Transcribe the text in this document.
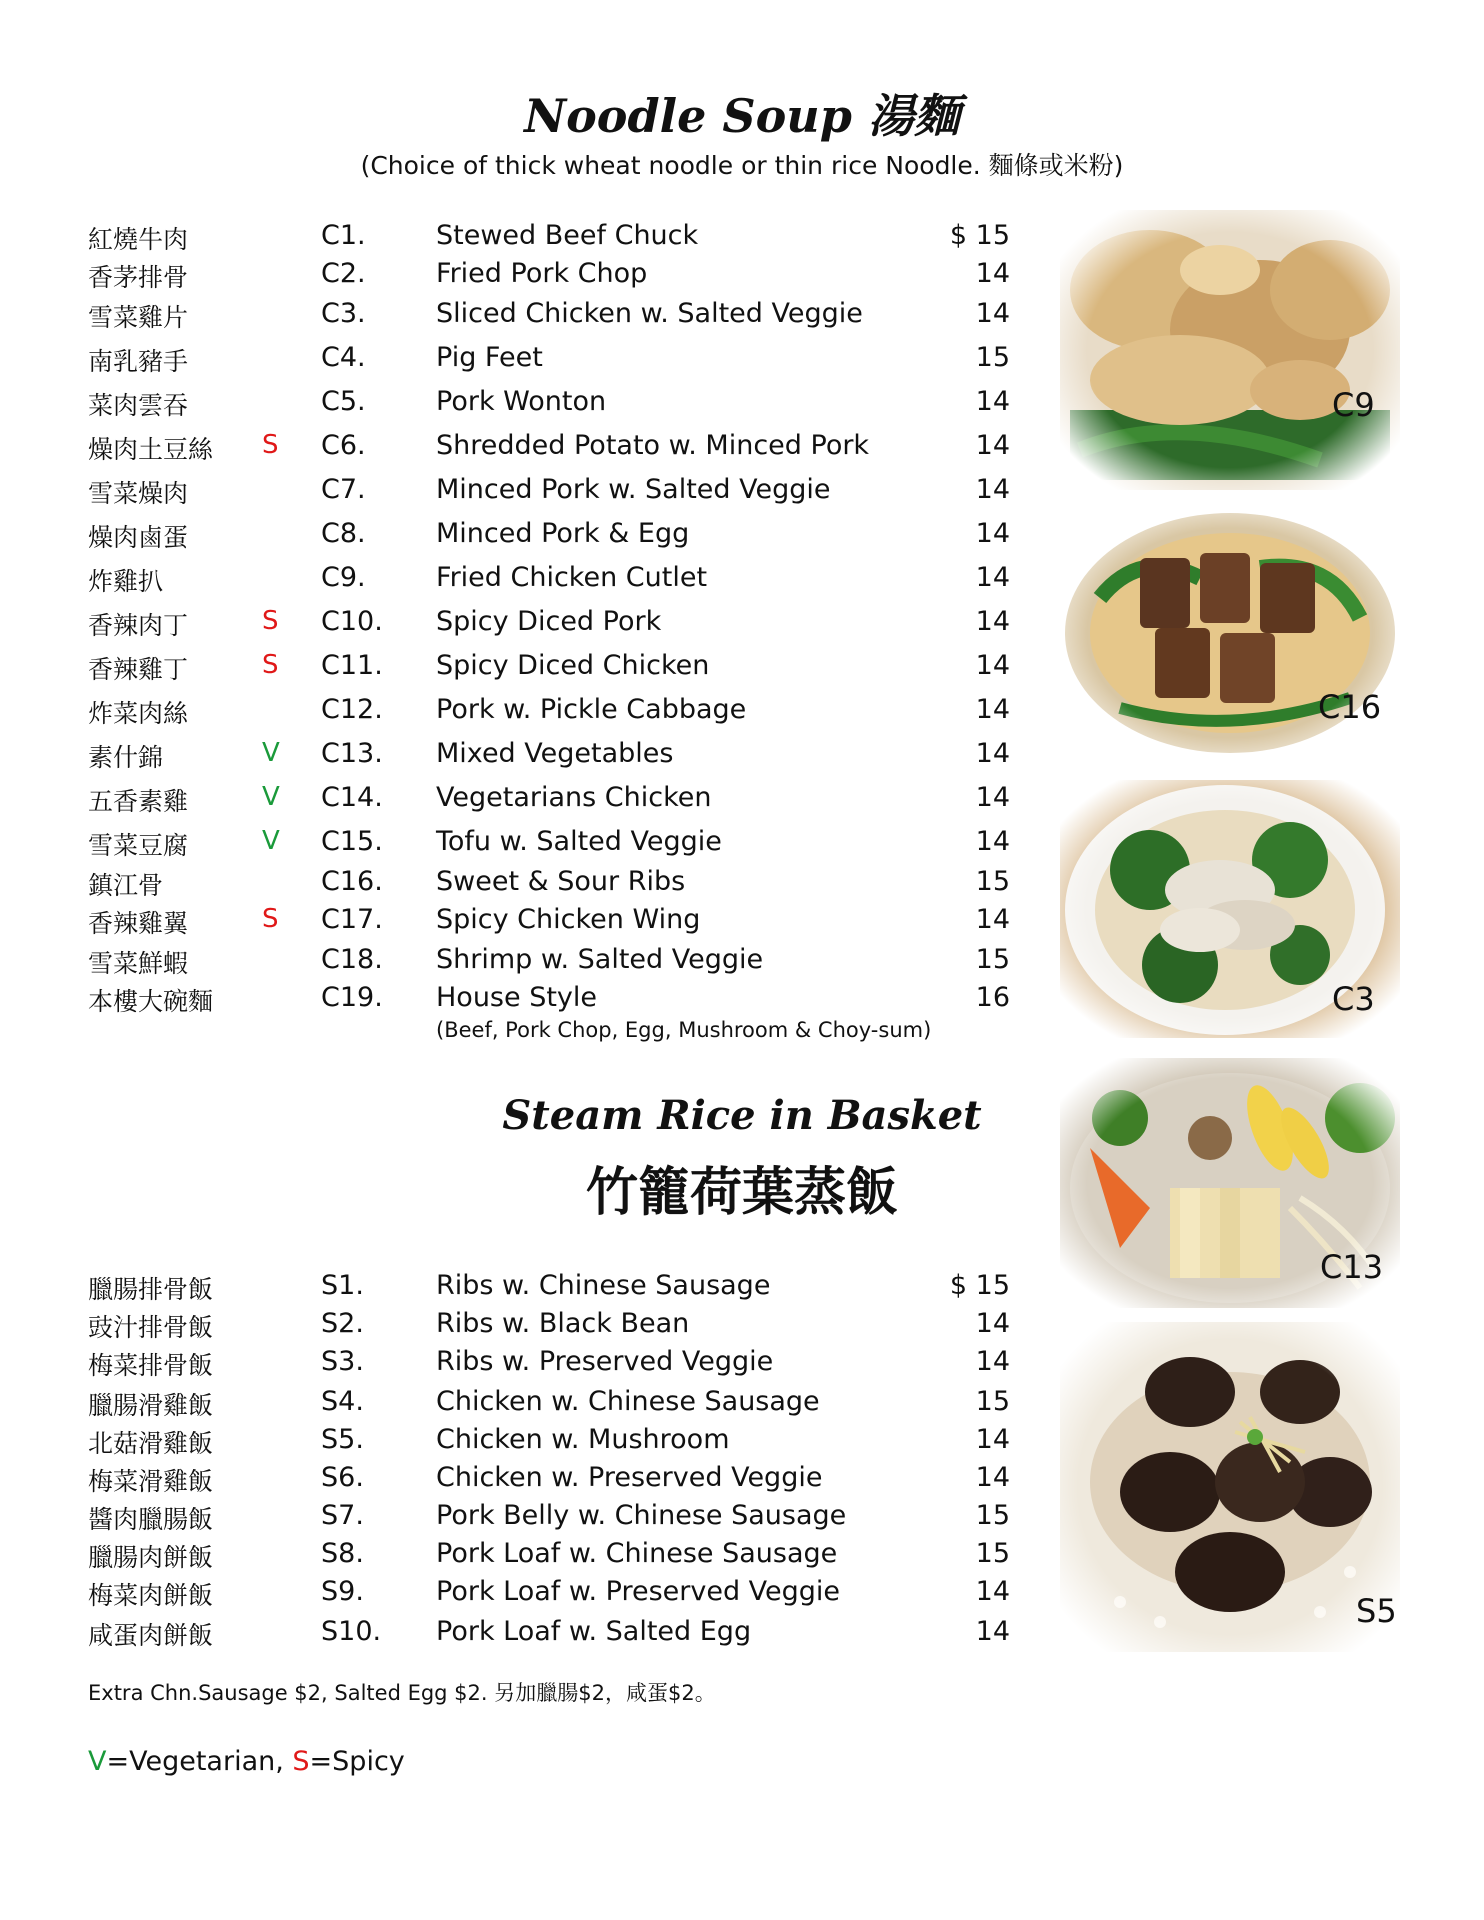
Noodle Soup 湯麵
(Choice of thick wheat noodle or thin rice Noodle. 麵條或米粉)
紅燒牛肉	C1.	Stewed Beef Chuck	$ 15
香茅排骨	C2.	Fried Pork Chop	14
雪菜雞片	C3.	Sliced Chicken w. Salted Veggie	14
南乳豬手	C4.	Pig Feet	15
菜肉雲吞	C5.	Pork Wonton	14
燥肉土豆絲 S C6.	Shredded Potato w. Minced Pork	14
雪菜燥肉	C7.	Minced Pork w. Salted Veggie	14
燥肉鹵蛋	C8.	Minced Pork & Egg	14
炸雞扒	C9.	Fried Chicken Cutlet	14
香辣肉丁	S C10. Spicy Diced Pork	14
香辣雞丁	S C11. Spicy Diced Chicken	14
炸菜肉絲	C12. Pork w. Pickle Cabbage	14
素什錦	V C13. Mixed Vegetables	14
五香素雞	V C14. Vegetarians Chicken	14
雪菜豆腐	V C15. Tofu w. Salted Veggie	14
鎮江骨	C16. Sweet & Sour Ribs	15
香辣雞翼	S C17. Spicy Chicken Wing	14
雪菜鮮蝦	C18. Shrimp w. Salted Veggie	15
本樓大碗麵	C19. House Style	16
(Beef, Pork Chop, Egg, Mushroom & Choy-sum)
Steam Rice in Basket
竹籠荷葉蒸飯
臘腸排骨飯	S1.	Ribs w. Chinese Sausage	$ 15
豉汁排骨飯	S2.	Ribs w. Black Bean	14
梅菜排骨飯	S3.	Ribs w. Preserved Veggie	14
臘腸滑雞飯	S4.	Chicken w. Chinese Sausage	15
北菇滑雞飯	S5.	Chicken w. Mushroom	14
梅菜滑雞飯	S6.	Chicken w. Preserved Veggie	14
醬肉臘腸飯	S7.	Pork Belly w. Chinese Sausage	15
臘腸肉餅飯	S8.	Pork Loaf w. Chinese Sausage	15
梅菜肉餅飯	S9.	Pork Loaf w. Preserved Veggie	14
咸蛋肉餅飯	S10. Pork Loaf w. Salted Egg	14
Extra Chn.Sausage $2, Salted Egg $2. 另加臘腸$2，咸蛋$2。
V=Vegetarian, S=Spicy
C9
C16
C3
C13
S5
